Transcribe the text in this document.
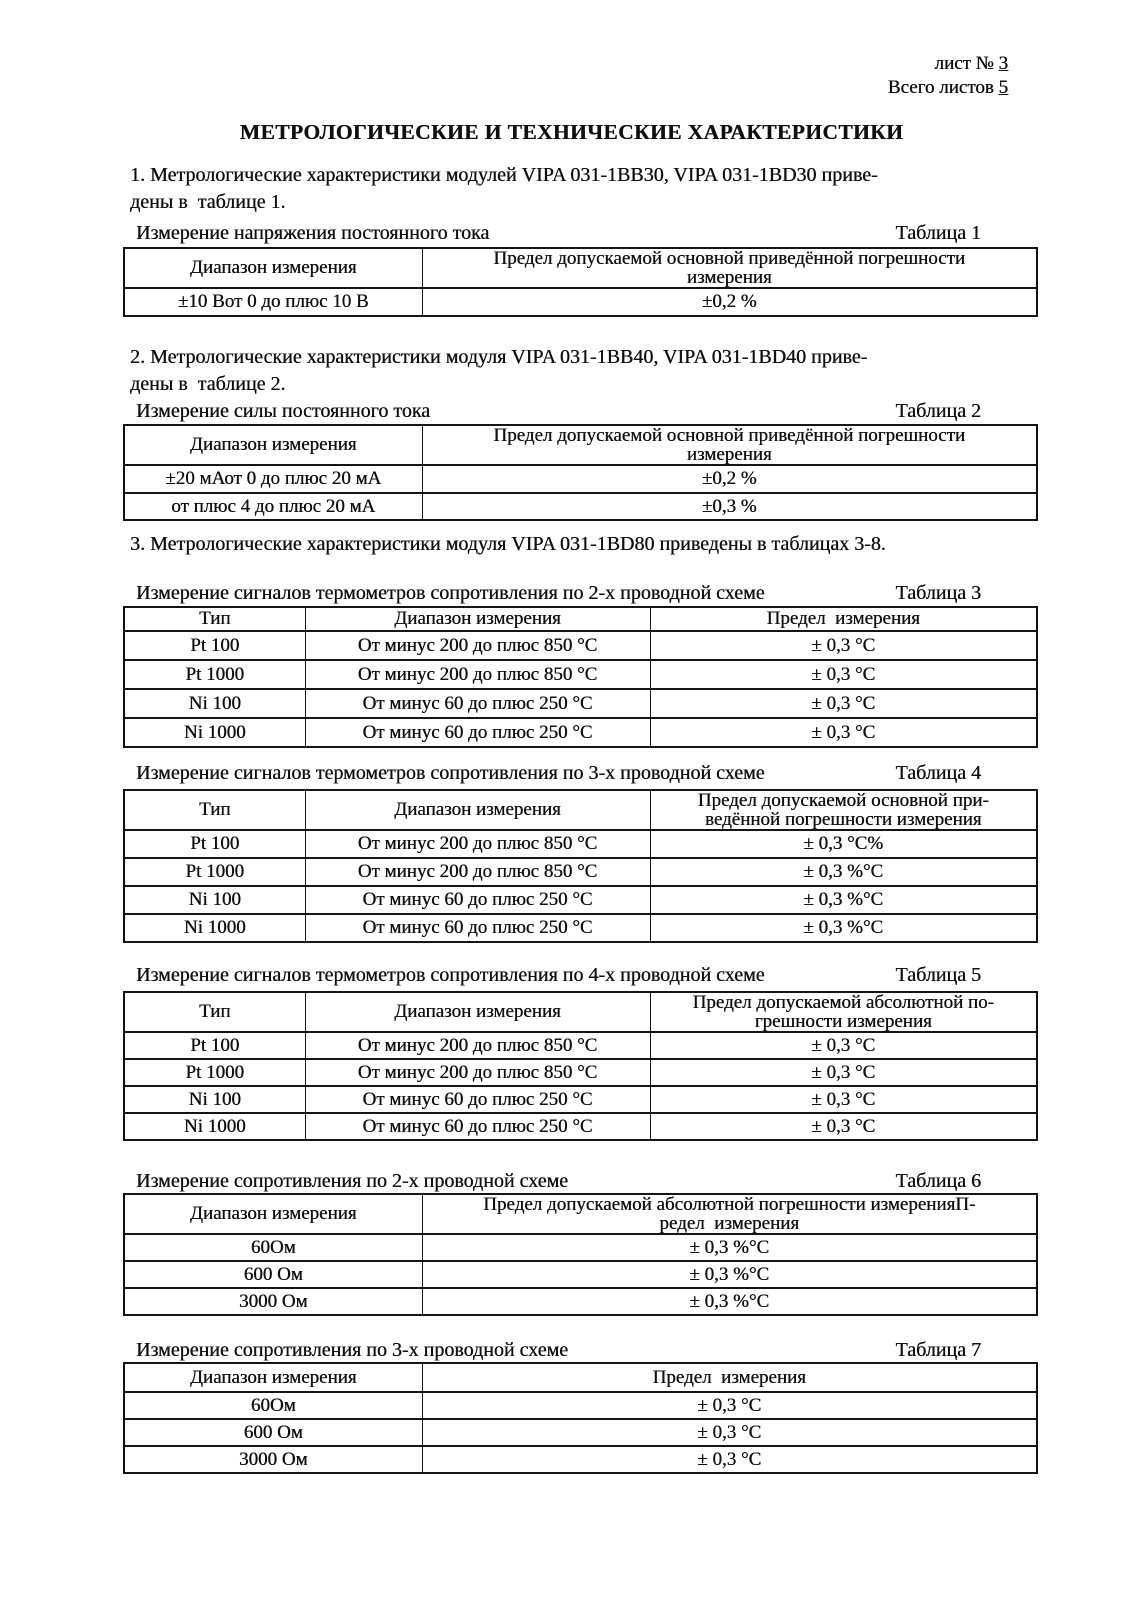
лист № 3
Всего листов 5
МЕТРОЛОГИЧЕСКИЕ И ТЕХНИЧЕСКИЕ ХАРАКТЕРИСТИКИ

1. Метрологические характеристики модулей VIPA 031-1BB30, VIPA 031-1BD30 приве-
дены в  таблице 1.

Измерение напряжения постоянного тока	Таблица 1
Диапазон измерения	Предел допускаемой основной приведённой погрешности
измерения

±10 Вот 0 до плюс 10 В	±0,2 %

2. Метрологические характеристики модуля VIPA 031-1BB40, VIPA 031-1BD40 приве-
дены в  таблице 2.

Измерение силы постоянного тока	Таблица 2
Диапазон измерения	Предел допускаемой основной приведённой погрешности
измерения

±20 мАот 0 до плюс 20 мА	±0,2 %
от плюс 4 до плюс 20 мА	±0,3 %

3. Метрологические характеристики модуля VIPA 031-1BD80 приведены в таблицах 3-8.

Измерение сигналов термометров сопротивления по 2-х проводной схеме	Таблица 3
Тип	Диапазон измерения	Предел  измерения
Pt 100	От минус 200 до плюс 850 °С	± 0,3 °С
Pt 1000	От минус 200 до плюс 850 °С	± 0,3 °С
Ni 100	От минус 60 до плюс 250 °С	± 0,3 °С
Ni 1000	От минус 60 до плюс 250 °С	± 0,3 °С
Измерение сигналов термометров сопротивления по 3-х проводной схеме	Таблица 4
Тип	Диапазон измерения	Предел допускаемой основной при-
ведённой погрешности измерения

Pt 100	От минус 200 до плюс 850 °С	± 0,3 °С%
Pt 1000	От минус 200 до плюс 850 °С	± 0,3 %°С
Ni 100	От минус 60 до плюс 250 °С	± 0,3 %°С
Ni 1000	От минус 60 до плюс 250 °С	± 0,3 %°С
Измерение сигналов термометров сопротивления по 4-х проводной схеме	Таблица 5
Тип	Диапазон измерения	Предел допускаемой абсолютной по-
грешности измерения

Pt 100	От минус 200 до плюс 850 °С	± 0,3 °С
Pt 1000	От минус 200 до плюс 850 °С	± 0,3 °С
Ni 100	От минус 60 до плюс 250 °С	± 0,3 °С
Ni 1000	От минус 60 до плюс 250 °С	± 0,3 °С
Измерение сопротивления по 2-х проводной схеме	Таблица 6
Диапазон измерения	Предел допускаемой абсолютной погрешности измеренияП-
редел  измерения

60Ом	± 0,3 %°С
600 Ом	± 0,3 %°С
3000 Ом	± 0,3 %°С
Измерение сопротивления по 3-х проводной схеме	Таблица 7
Диапазон измерения	Предел  измерения
60Ом	± 0,3 °С
600 Ом	± 0,3 °С
3000 Ом	± 0,3 °С
